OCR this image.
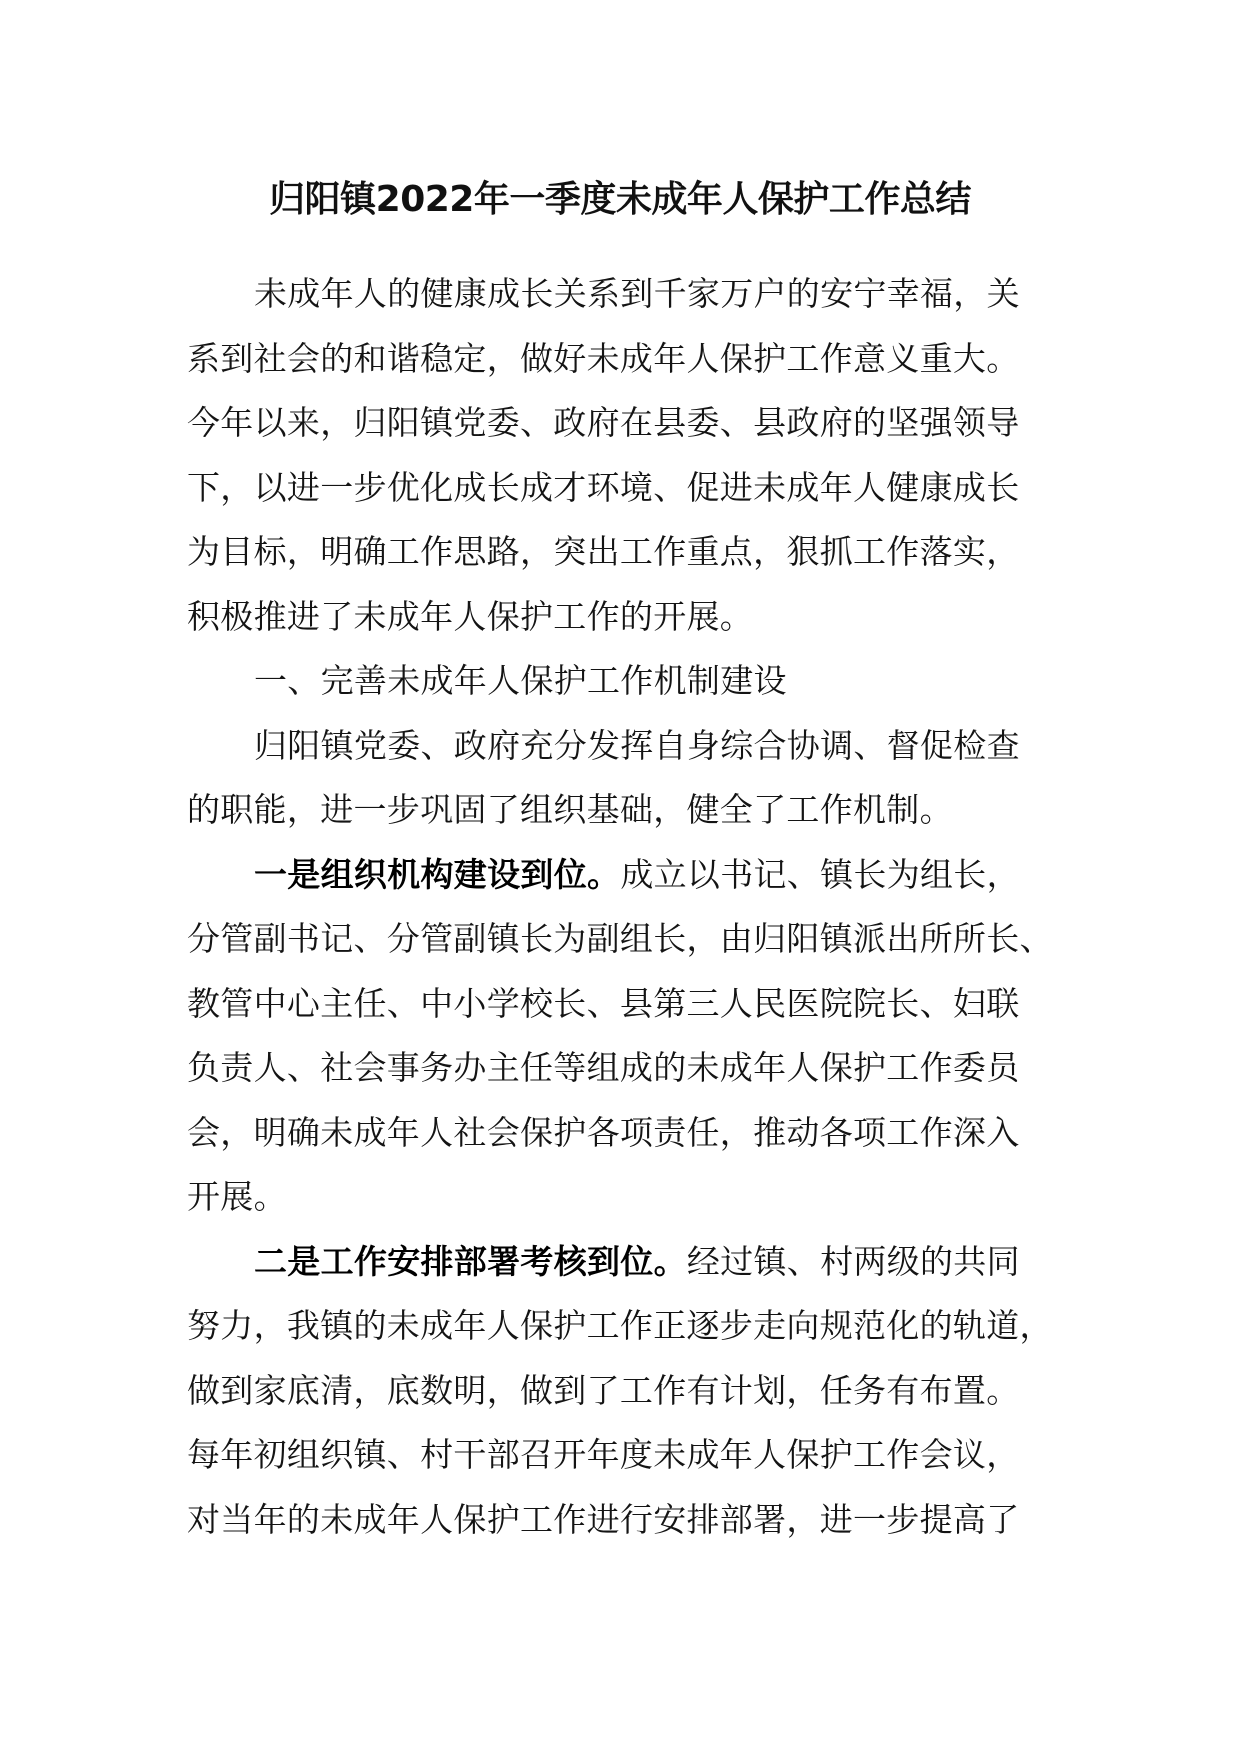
归阳镇2022年一季度未成年人保护工作总结
未成年人的健康成长关系到千家万户的安宁幸福，关
系到社会的和谐稳定，做好未成年人保护工作意义重大。
今年以来，归阳镇党委、政府在县委、县政府的坚强领导
下，以进一步优化成长成才环境、促进未成年人健康成长
为目标，明确工作思路，突出工作重点，狠抓工作落实，
积极推进了未成年人保护工作的开展。
一、完善未成年人保护工作机制建设
归阳镇党委、政府充分发挥自身综合协调、督促检查
的职能，进一步巩固了组织基础，健全了工作机制。
一是组织机构建设到位。成立以书记、镇长为组长，
分管副书记、分管副镇长为副组长，由归阳镇派出所所长、
教管中心主任、中小学校长、县第三人民医院院长、妇联
负责人、社会事务办主任等组成的未成年人保护工作委员
会，明确未成年人社会保护各项责任，推动各项工作深入
开展。
二是工作安排部署考核到位。经过镇、村两级的共同
努力，我镇的未成年人保护工作正逐步走向规范化的轨道，
做到家底清，底数明，做到了工作有计划，任务有布置。
每年初组织镇、村干部召开年度未成年人保护工作会议，
对当年的未成年人保护工作进行安排部署，进一步提高了
